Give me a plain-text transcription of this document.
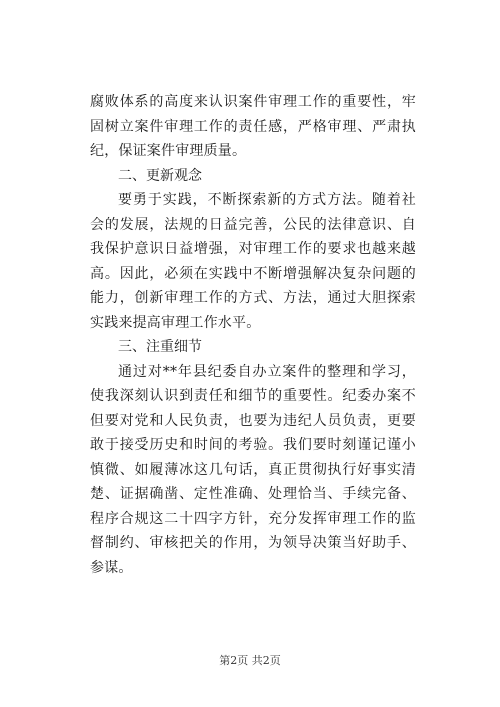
腐败体系的高度来认识案件审理工作的重要性，牢固树立案件审理工作的责任感，严格审理、严肃执纪，保证案件审理质量。

二、更新观念

要勇于实践，不断探索新的方式方法。随着社会的发展，法规的日益完善，公民的法律意识、自我保护意识日益增强，对审理工作的要求也越来越高。因此，必须在实践中不断增强解决复杂问题的能力，创新审理工作的方式、方法，通过大胆探索实践来提高审理工作水平。

三、注重细节

通过对**年县纪委自办立案件的整理和学习，使我深刻认识到责任和细节的重要性。纪委办案不但要对党和人民负责，也要为违纪人员负责，更要敢于接受历史和时间的考验。我们要时刻谨记谨小慎微、如履薄冰这几句话，真正贯彻执行好事实清楚、证据确凿、定性准确、处理恰当、手续完备、程序合规这二十四字方针，充分发挥审理工作的监督制约、审核把关的作用，为领导决策当好助手、参谋。

第2页 共2页
